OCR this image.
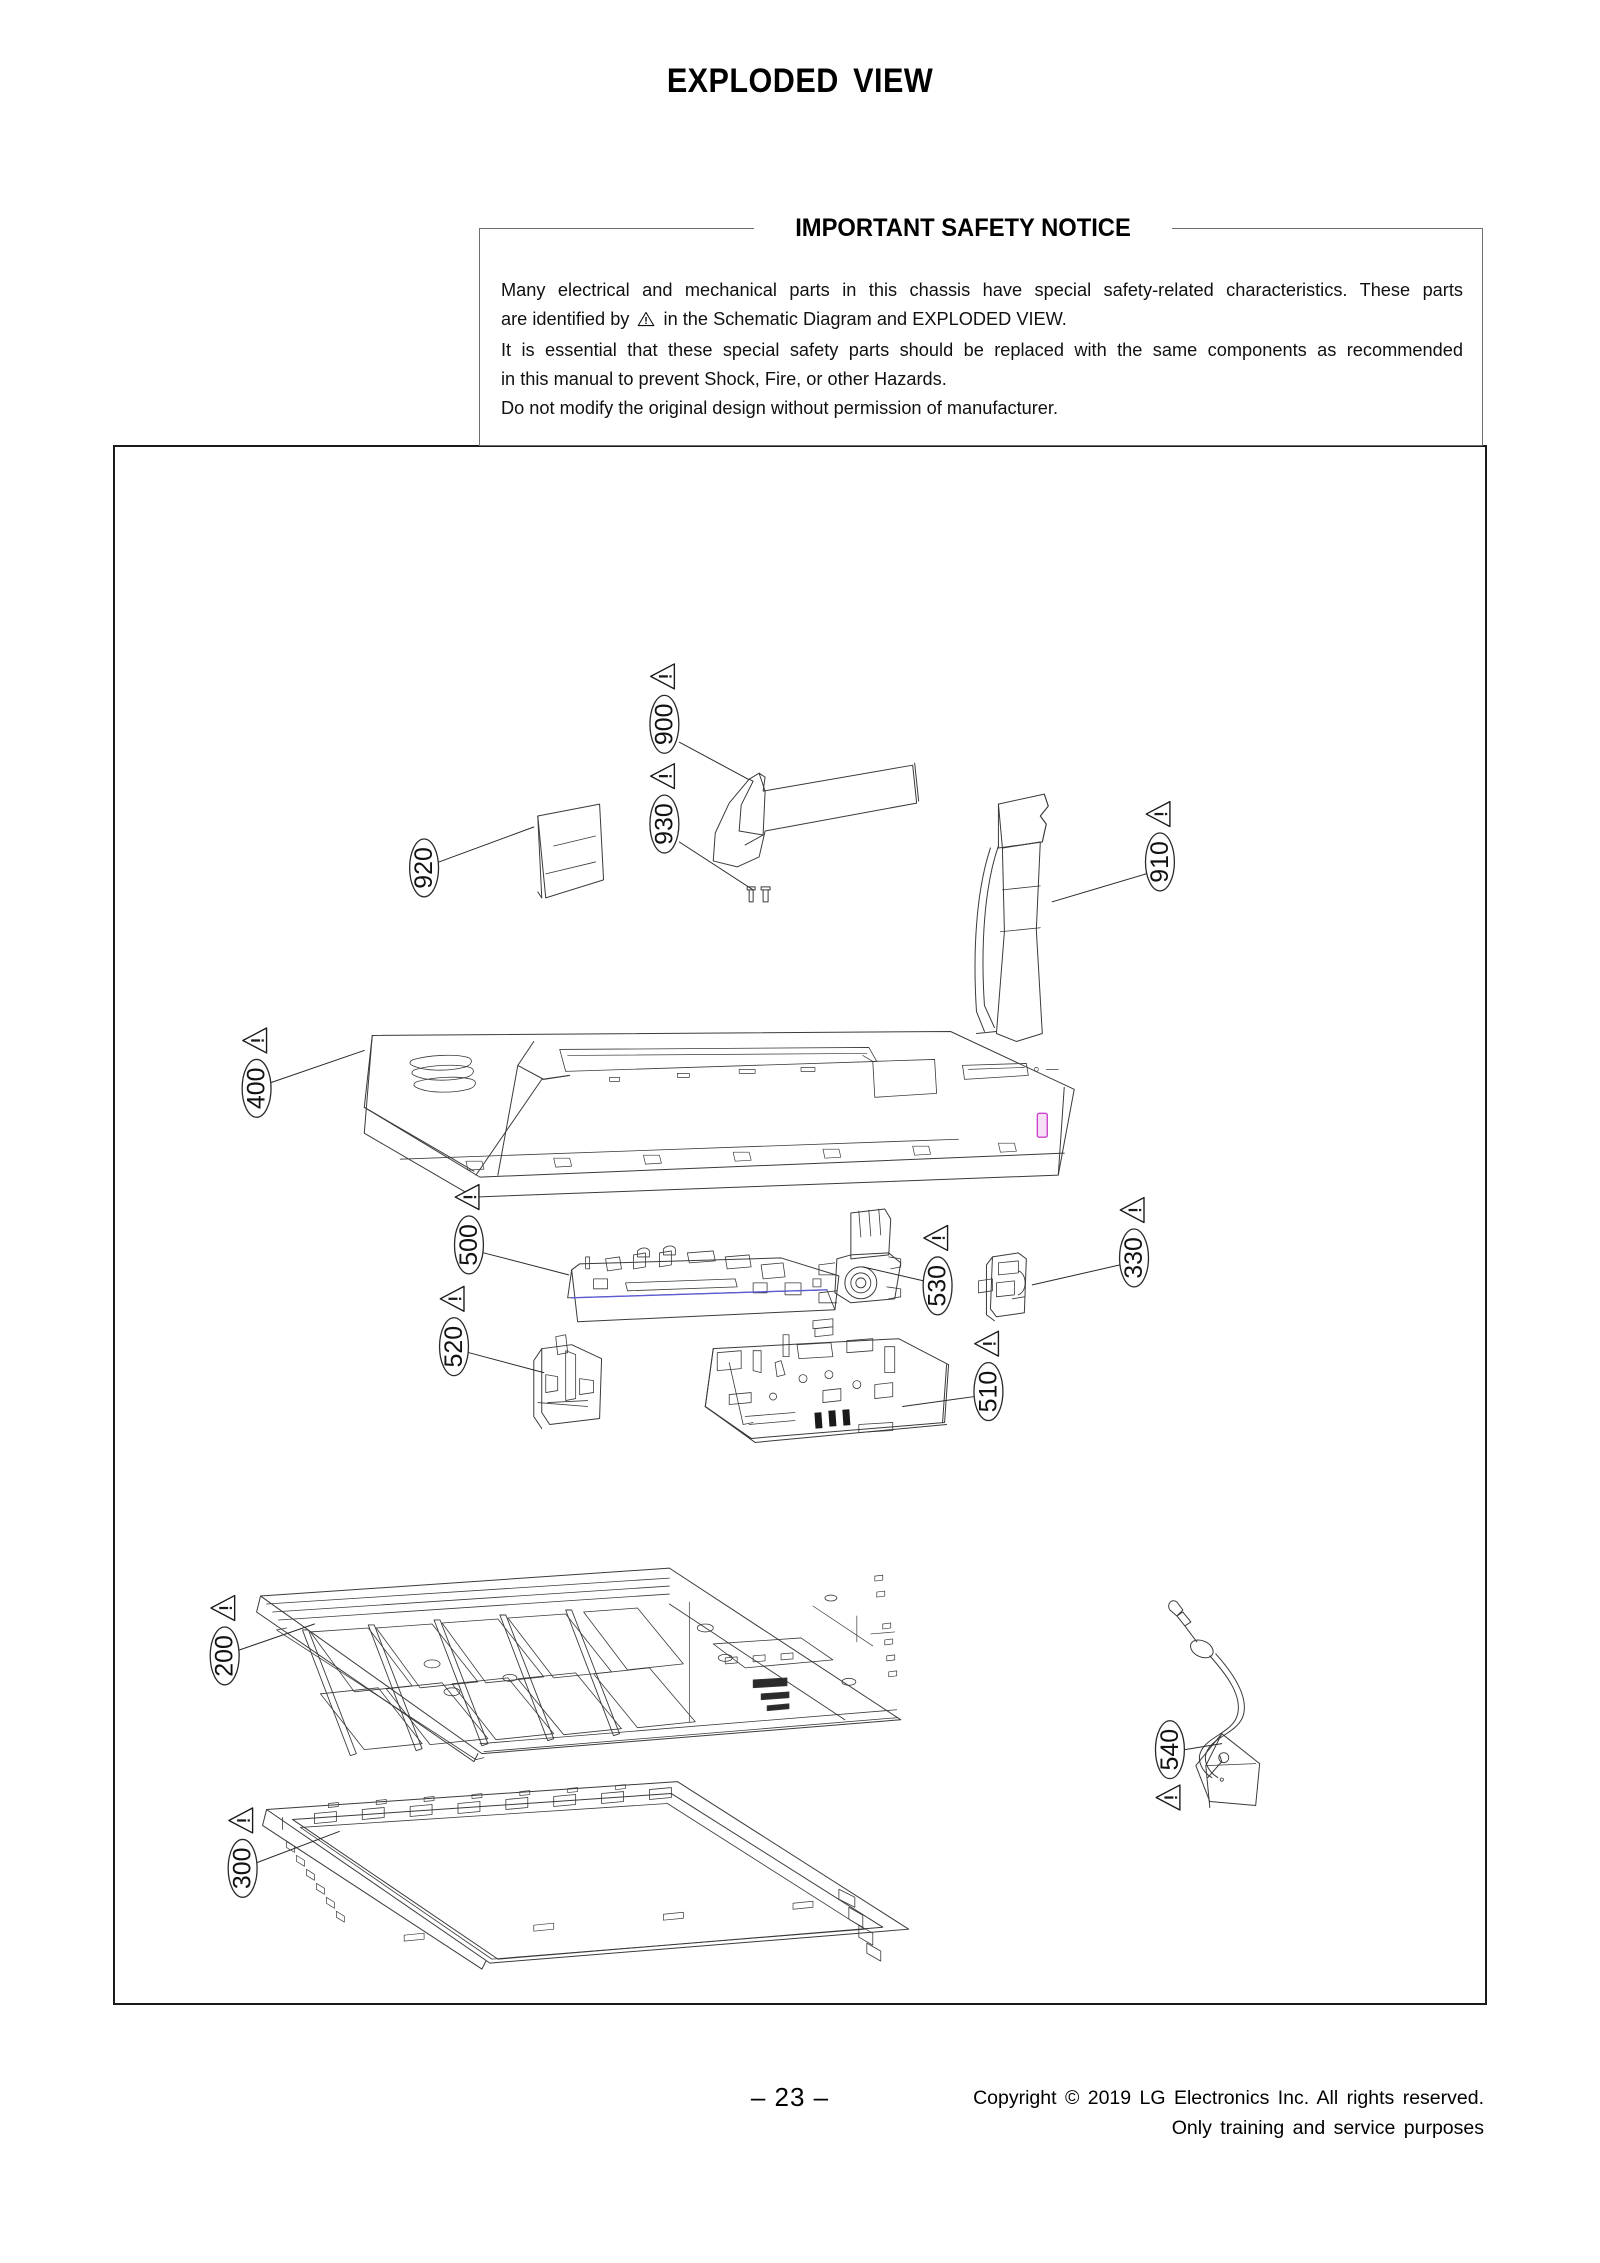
EXPLODED VIEW
IMPORTANT SAFETY NOTICE

Many electrical and mechanical parts in this chassis have special safety-related characteristics. These parts

are identified by in the Schematic Diagram and EXPLODED VIEW.

It is essential that these special safety parts should be replaced with the same components as recommended

in this manual to prevent Shock, Fire, or other Hazards.

Do not modify the original design without permission of manufacturer.

930
900
920	910
400
500
530
330
520
510
200
540
300
– 23 –	Copyright © 2019 LG Electronics Inc. All rights reserved.
Only training and service purposes
